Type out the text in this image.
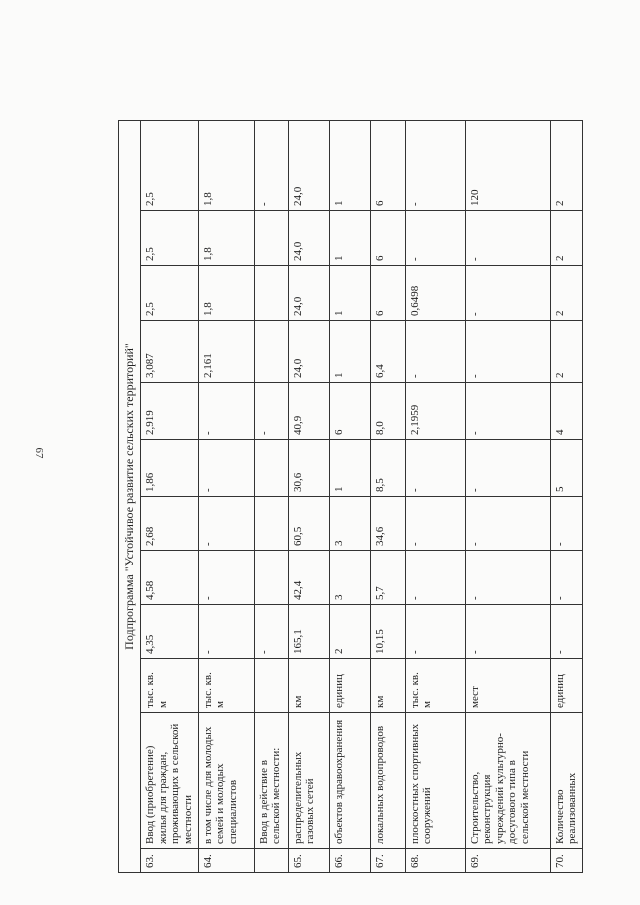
67	Подпрограмма "Устойчивое развитие сельских территорий"											
63.	Ввод (приобретение) жилья для граждан, проживающих в сельской местности	тыс. кв. м	4,35	4,58	2,68	1,86	2,919	3,087	2,5	2,5	2,5
64.	в том числе для молодых семей и молодых специалистов	тыс. кв. м	-	-	-	-	-	2,161	1,8	1,8	1,8
	Ввод в действие в сельской местности:		-				-				-
65.	распределительных газовых сетей	км	165,1	42,4	60,5	30,6	40,9	24,0	24,0	24,0	24,0
66.	объектов здравоохранения	единиц	2	3	3	1	6	1	1	1	1
67.	локальных водопроводов	км	10,15	5,7	34,6	8,5	8,0	6,4	6	6	6
68.	плоскостных спортивных сооружений	тыс. кв. м	-	-	-	-	2,1959	-	0,6498	-	-
69.	Строительство, реконструкция учреждений культурно-досугового типа в сельской местности	мест	-	-	-	-	-	-	-	-	120
70.	Количество реализованных	единиц	-	-	-	5	4	2	2	2	2
